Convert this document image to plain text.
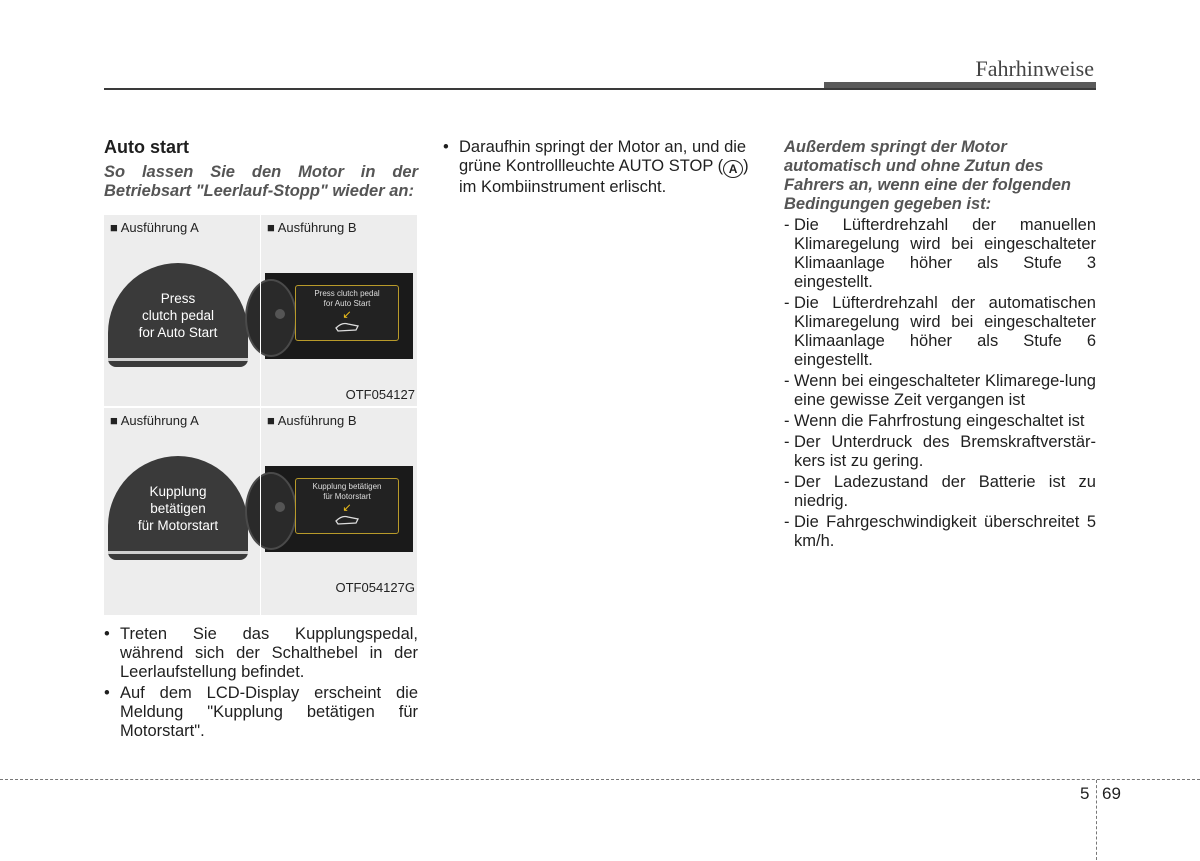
Fahrhinweise
Auto start

So lassen Sie den Motor in der
Betriebsart "Leerlauf-Stopp" wieder an:

■ Ausführung A
Press
clutch pedal
for Auto Start
■ Ausführung B
Press clutch pedal
for Auto Start
↙
OTF054127
■ Ausführung A
Kupplung
betätigen
für Motorstart
■ Ausführung B
Kupplung betätigen
für Motorstart
↙
OTF054127G
• Treten Sie das Kupplungspedal, während sich der Schalthebel in der Leerlaufstellung befindet.
• Auf dem LCD-Display erscheint die Meldung "Kupplung betätigen für Motorstart".
• Daraufhin springt der Motor an, und die grüne Kontrollleuchte AUTO STOP ( A ) im Kombiinstrument erlischt.

Außerdem springt der Motor automatisch und ohne Zutun des Fahrers an, wenn eine der folgenden Bedingungen gegeben ist:

- Die Lüfterdrehzahl der manuellen Klimaregelung wird bei eingeschalteter Klimaanlage höher als Stufe 3 eingestellt.
- Die Lüfterdrehzahl der automatischen Klimaregelung wird bei eingeschalteter Klimaanlage höher als Stufe 6 eingestellt.
- Wenn bei eingeschalteter Klimarege-lung eine gewisse Zeit vergangen ist
- Wenn die Fahrfrostung eingeschaltet ist
- Der Unterdruck des Bremskraftverstär-kers ist zu gering.
- Der Ladezustand der Batterie ist zu niedrig.
- Die Fahrgeschwindigkeit überschreitet 5 km/h.
5 69
